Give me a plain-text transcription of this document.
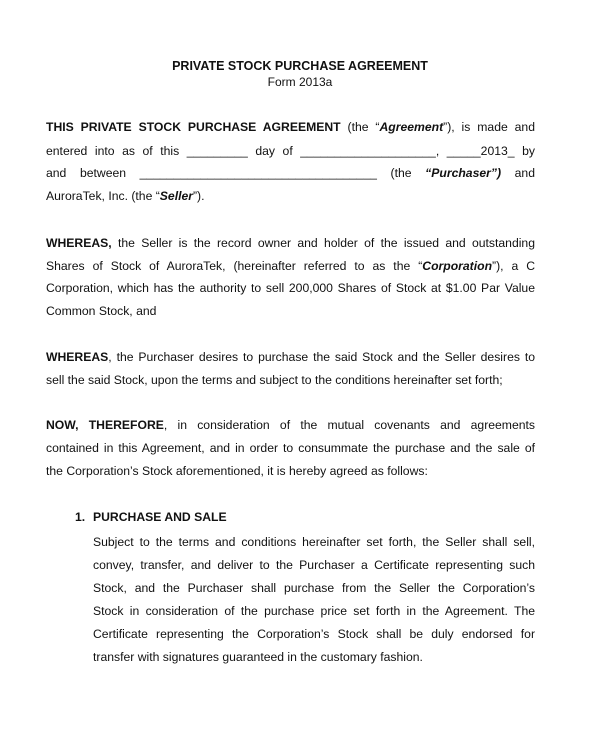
PRIVATE STOCK PURCHASE AGREEMENT
Form 2013a
THIS PRIVATE STOCK PURCHASE AGREEMENT (the “Agreement”), is made and
entered into as of this _________ day of ____________________, _____2013_ by
and between ___________________________________ (the “Purchaser”) and
AuroraTek, Inc. (the “Seller”).
WHEREAS, the Seller is the record owner and holder of the issued and outstanding
Shares of Stock of AuroraTek, (hereinafter referred to as the “Corporation”), a C
Corporation, which has the authority to sell 200,000 Shares of Stock at $1.00 Par Value
Common Stock, and
WHEREAS, the Purchaser desires to purchase the said Stock and the Seller desires to
sell the said Stock, upon the terms and subject to the conditions hereinafter set forth;
NOW, THEREFORE, in consideration of the mutual covenants and agreements
contained in this Agreement, and in order to consummate the purchase and the sale of
the Corporation’s Stock aforementioned, it is hereby agreed as follows:
1. PURCHASE AND SALE
Subject to the terms and conditions hereinafter set forth, the Seller shall sell,
convey, transfer, and deliver to the Purchaser a Certificate representing such
Stock, and the Purchaser shall purchase from the Seller the Corporation’s
Stock in consideration of the purchase price set forth in the Agreement. The
Certificate representing the Corporation’s Stock shall be duly endorsed for
transfer with signatures guaranteed in the customary fashion.
